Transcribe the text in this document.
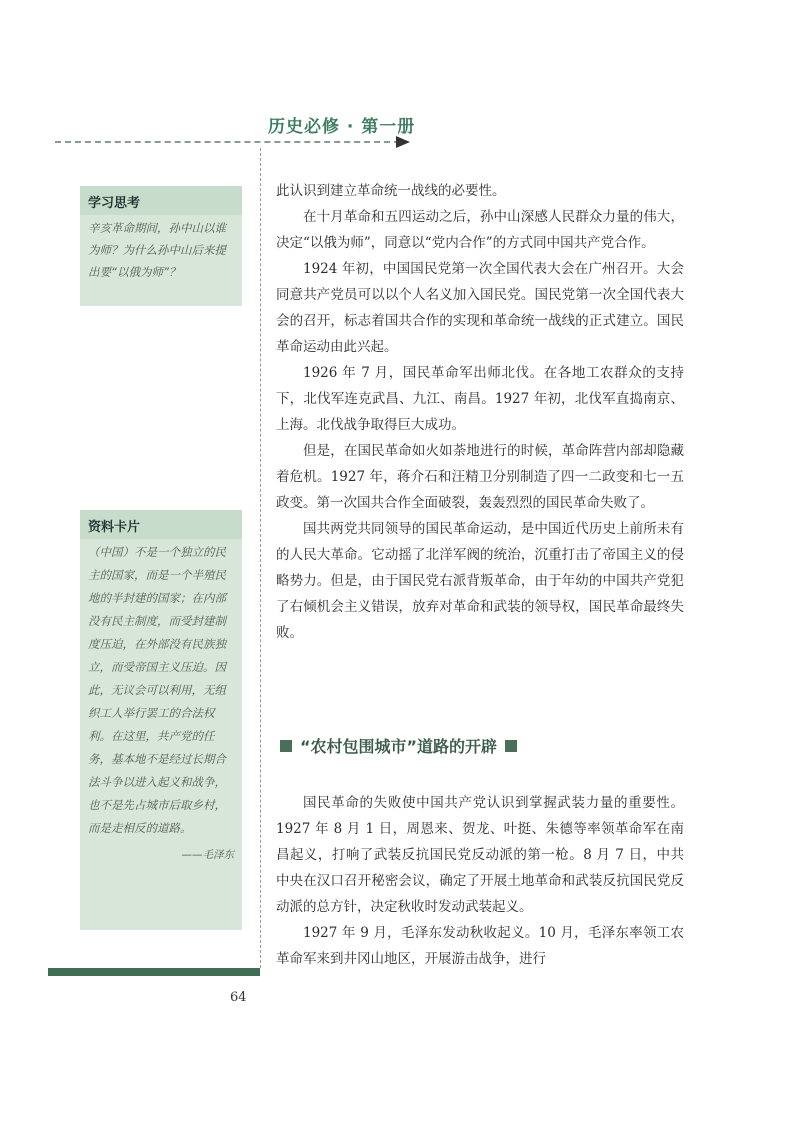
历史必修 · 第一册
学习思考
辛亥革命期间，孙中山以谁为师？为什么孙中山后来提出要“以俄为师”？
资料卡片
（中国）不是一个独立的民主的国家，而是一个半殖民地的半封建的国家；在内部没有民主制度，而受封建制度压迫，在外部没有民族独立，而受帝国主义压迫。因此，无议会可以利用，无组织工人举行罢工的合法权利。在这里，共产党的任务，基本地不是经过长期合法斗争以进入起义和战争，也不是先占城市后取乡村，而是走相反的道路。
——毛泽东
64

此认识到建立革命统一战线的必要性。

在十月革命和五四运动之后，孙中山深感人民群众力量的伟大，决定“以俄为师”，同意以“党内合作”的方式同中国共产党合作。

1924 年初，中国国民党第一次全国代表大会在广州召开。大会同意共产党员可以以个人名义加入国民党。国民党第一次全国代表大会的召开，标志着国共合作的实现和革命统一战线的正式建立。国民革命运动由此兴起。

1926 年 7 月，国民革命军出师北伐。在各地工农群众的支持下，北伐军连克武昌、九江、南昌。1927 年初，北伐军直捣南京、上海。北伐战争取得巨大成功。

但是，在国民革命如火如荼地进行的时候，革命阵营内部却隐藏着危机。1927 年，蒋介石和汪精卫分别制造了四一二政变和七一五政变。第一次国共合作全面破裂，轰轰烈烈的国民革命失败了。

国共两党共同领导的国民革命运动，是中国近代历史上前所未有的人民大革命。它动摇了北洋军阀的统治，沉重打击了帝国主义的侵略势力。但是，由于国民党右派背叛革命，由于年幼的中国共产党犯了右倾机会主义错误，放弃对革命和武装的领导权，国民革命最终失败。

“农村包围城市”道路的开辟

国民革命的失败使中国共产党认识到掌握武装力量的重要性。1927 年 8 月 1 日，周恩来、贺龙、叶挺、朱德等率领革命军在南昌起义，打响了武装反抗国民党反动派的第一枪。8 月 7 日，中共中央在汉口召开秘密会议，确定了开展土地革命和武装反抗国民党反动派的总方针，决定秋收时发动武装起义。

1927 年 9 月，毛泽东发动秋收起义。10 月，毛泽东率领工农革命军来到井冈山地区，开展游击战争，进行
